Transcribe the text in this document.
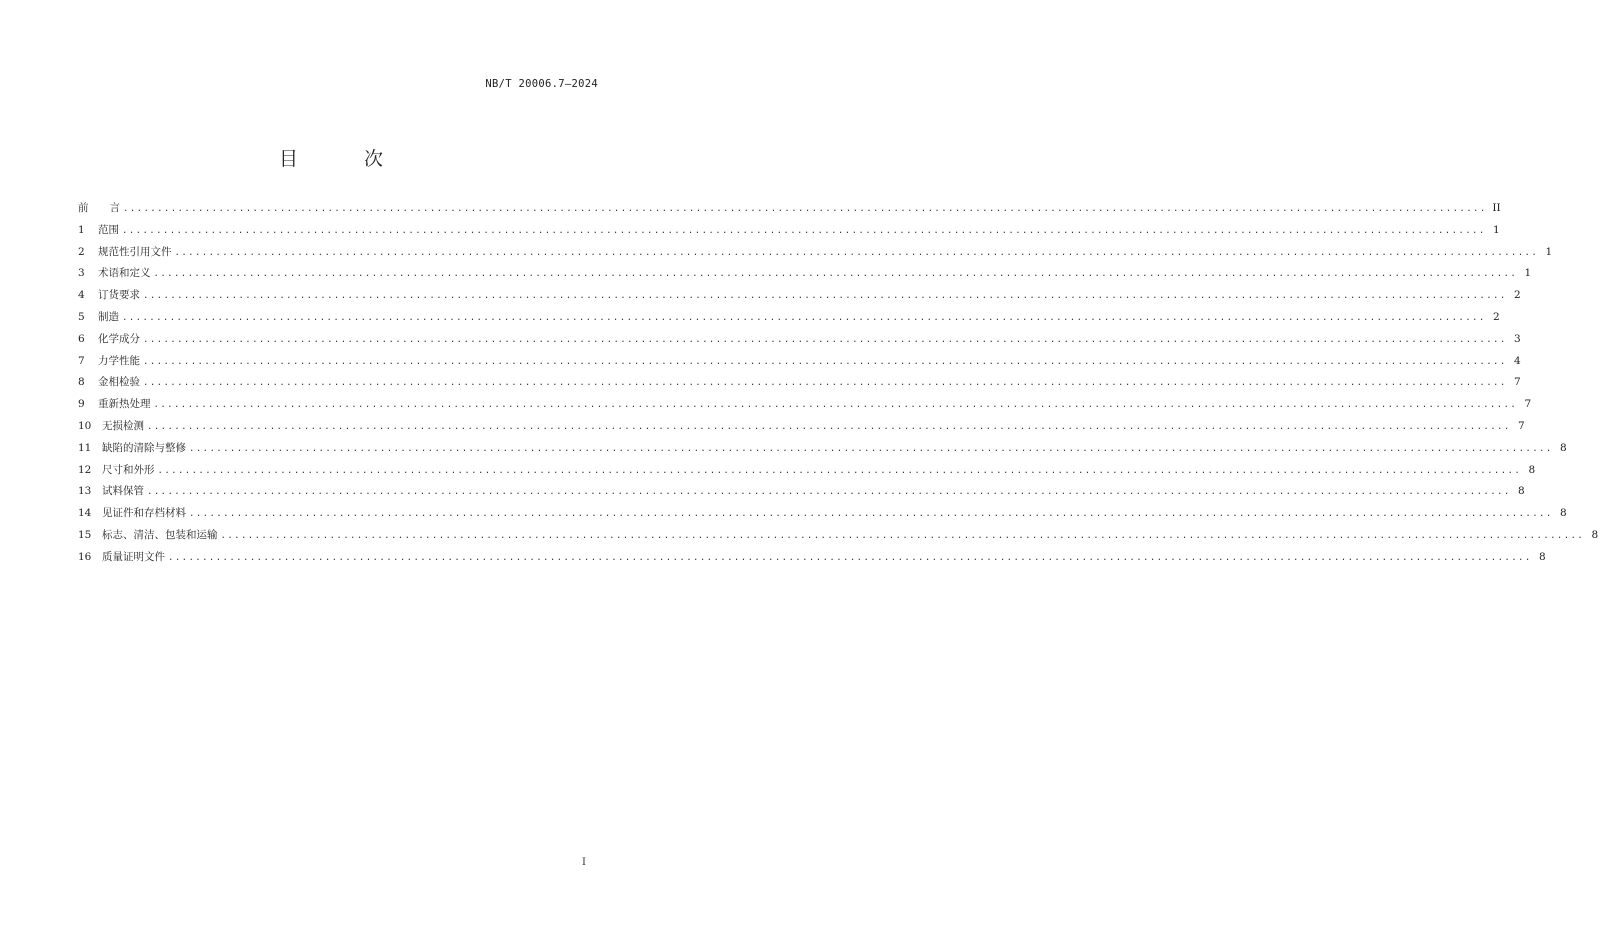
NB/T 20006.7—2024
目 次
前　　言 ........................................................................................................................................................................................................ II
1	范围 ........................................................................................................................................................................................................ 1
2	规范性引用文件 ........................................................................................................................................................................................................ 1
3	术语和定义 ........................................................................................................................................................................................................ 1
4	订货要求 ........................................................................................................................................................................................................ 2
5	制造 ........................................................................................................................................................................................................ 2
6	化学成分 ........................................................................................................................................................................................................ 3
7	力学性能 ........................................................................................................................................................................................................ 4
8	金相检验 ........................................................................................................................................................................................................ 7
9	重新热处理 ........................................................................................................................................................................................................ 7
10	无损检测 ........................................................................................................................................................................................................ 7
11	缺陷的清除与整修 ........................................................................................................................................................................................................ 8
12	尺寸和外形 ........................................................................................................................................................................................................ 8
13	试料保管 ........................................................................................................................................................................................................ 8
14	见证件和存档材料 ........................................................................................................................................................................................................ 8
15	标志、清洁、包装和运输 ........................................................................................................................................................................................................ 8
16	质量证明文件 ........................................................................................................................................................................................................ 8
I
